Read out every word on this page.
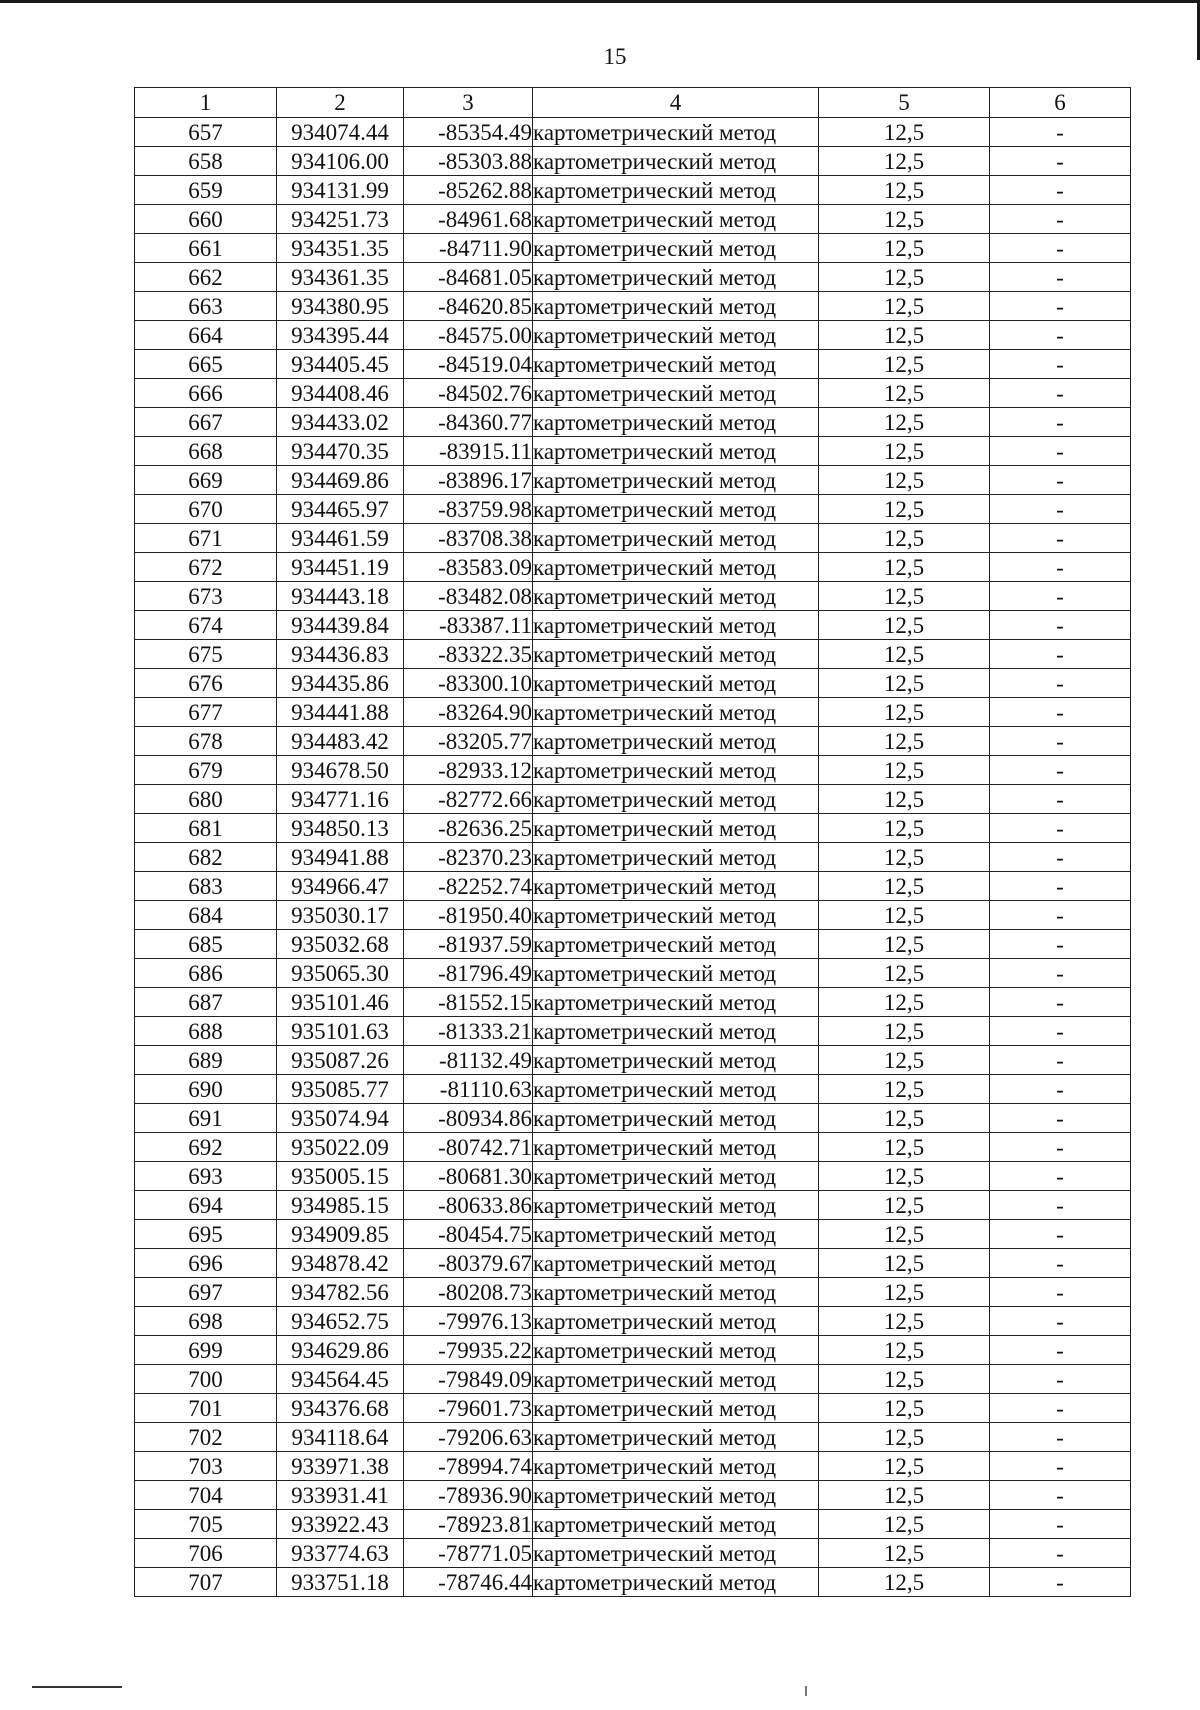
15
1	2	3	4	5	6
657	934074.44	-85354.49	картометрический метод	12,5	-
658	934106.00	-85303.88	картометрический метод	12,5	-
659	934131.99	-85262.88	картометрический метод	12,5	-
660	934251.73	-84961.68	картометрический метод	12,5	-
661	934351.35	-84711.90	картометрический метод	12,5	-
662	934361.35	-84681.05	картометрический метод	12,5	-
663	934380.95	-84620.85	картометрический метод	12,5	-
664	934395.44	-84575.00	картометрический метод	12,5	-
665	934405.45	-84519.04	картометрический метод	12,5	-
666	934408.46	-84502.76	картометрический метод	12,5	-
667	934433.02	-84360.77	картометрический метод	12,5	-
668	934470.35	-83915.11	картометрический метод	12,5	-
669	934469.86	-83896.17	картометрический метод	12,5	-
670	934465.97	-83759.98	картометрический метод	12,5	-
671	934461.59	-83708.38	картометрический метод	12,5	-
672	934451.19	-83583.09	картометрический метод	12,5	-
673	934443.18	-83482.08	картометрический метод	12,5	-
674	934439.84	-83387.11	картометрический метод	12,5	-
675	934436.83	-83322.35	картометрический метод	12,5	-
676	934435.86	-83300.10	картометрический метод	12,5	-
677	934441.88	-83264.90	картометрический метод	12,5	-
678	934483.42	-83205.77	картометрический метод	12,5	-
679	934678.50	-82933.12	картометрический метод	12,5	-
680	934771.16	-82772.66	картометрический метод	12,5	-
681	934850.13	-82636.25	картометрический метод	12,5	-
682	934941.88	-82370.23	картометрический метод	12,5	-
683	934966.47	-82252.74	картометрический метод	12,5	-
684	935030.17	-81950.40	картометрический метод	12,5	-
685	935032.68	-81937.59	картометрический метод	12,5	-
686	935065.30	-81796.49	картометрический метод	12,5	-
687	935101.46	-81552.15	картометрический метод	12,5	-
688	935101.63	-81333.21	картометрический метод	12,5	-
689	935087.26	-81132.49	картометрический метод	12,5	-
690	935085.77	-81110.63	картометрический метод	12,5	-
691	935074.94	-80934.86	картометрический метод	12,5	-
692	935022.09	-80742.71	картометрический метод	12,5	-
693	935005.15	-80681.30	картометрический метод	12,5	-
694	934985.15	-80633.86	картометрический метод	12,5	-
695	934909.85	-80454.75	картометрический метод	12,5	-
696	934878.42	-80379.67	картометрический метод	12,5	-
697	934782.56	-80208.73	картометрический метод	12,5	-
698	934652.75	-79976.13	картометрический метод	12,5	-
699	934629.86	-79935.22	картометрический метод	12,5	-
700	934564.45	-79849.09	картометрический метод	12,5	-
701	934376.68	-79601.73	картометрический метод	12,5	-
702	934118.64	-79206.63	картометрический метод	12,5	-
703	933971.38	-78994.74	картометрический метод	12,5	-
704	933931.41	-78936.90	картометрический метод	12,5	-
705	933922.43	-78923.81	картометрический метод	12,5	-
706	933774.63	-78771.05	картометрический метод	12,5	-
707	933751.18	-78746.44	картометрический метод	12,5	-
